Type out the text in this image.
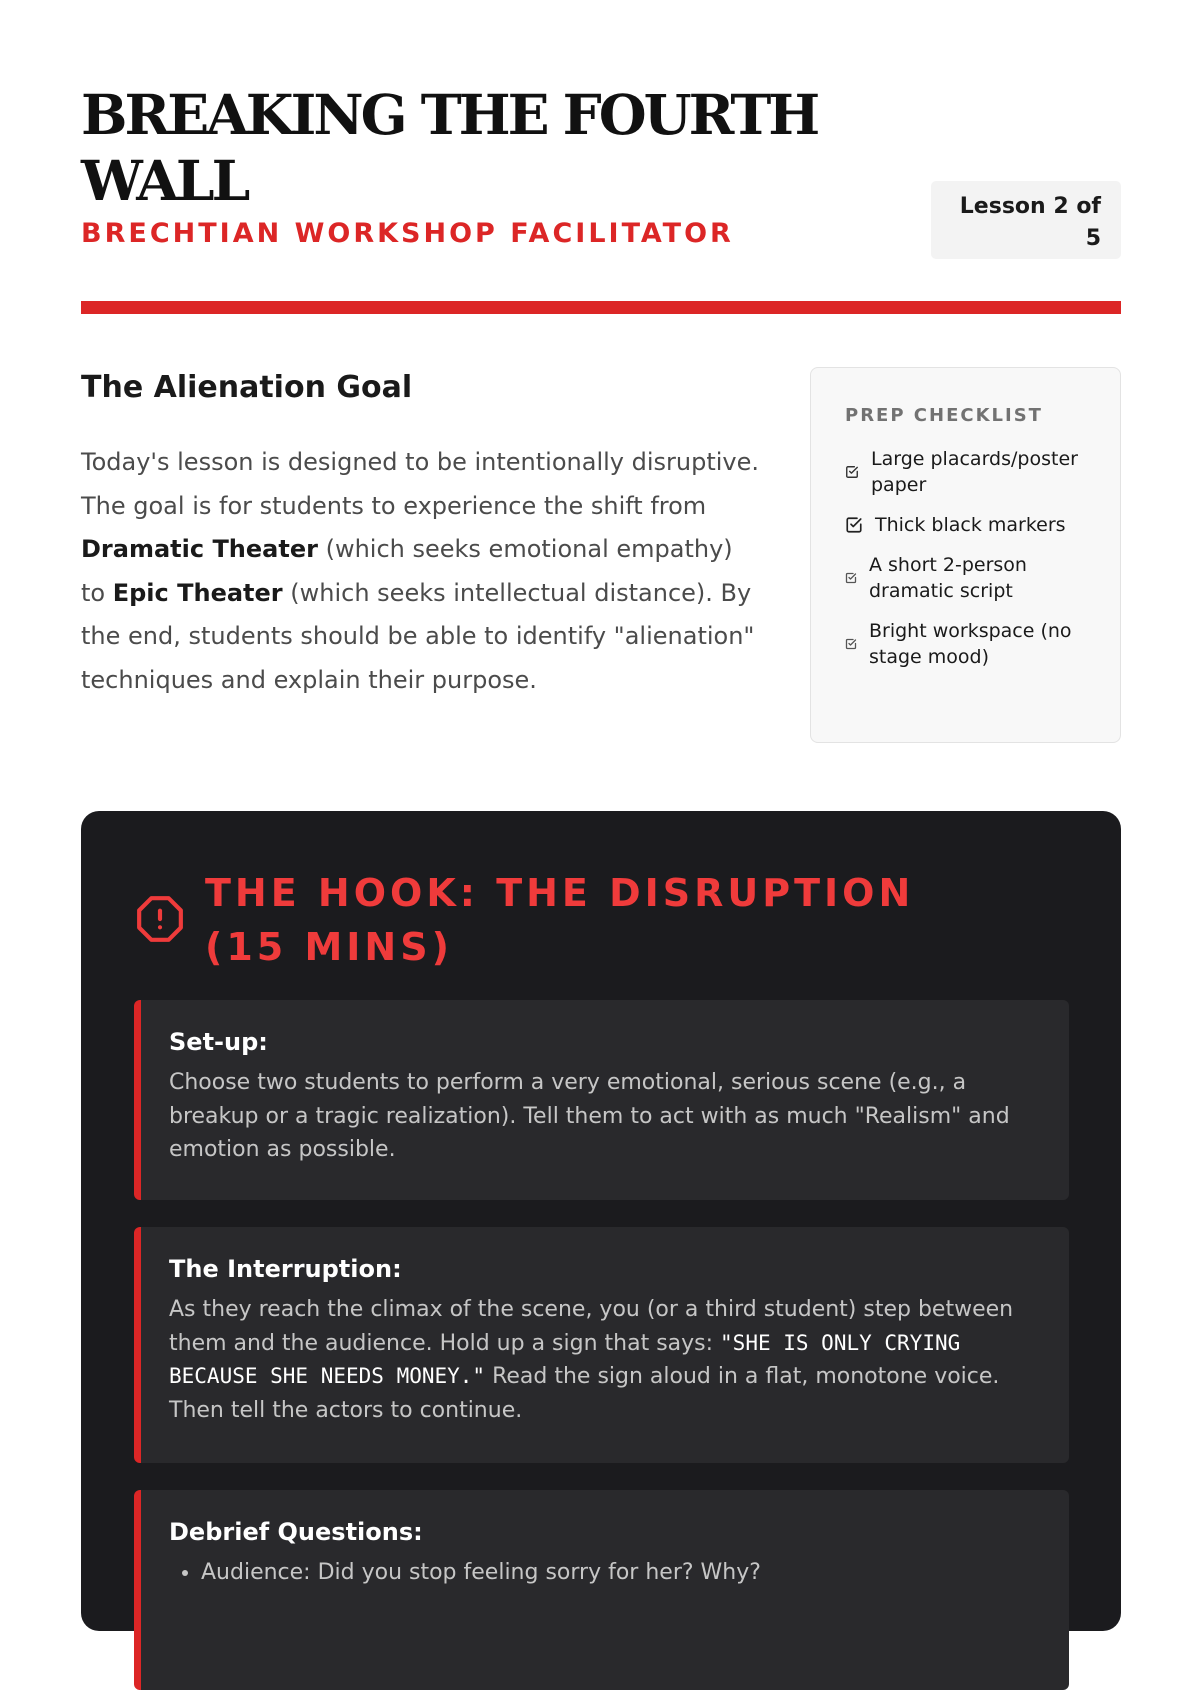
BREAKING THE FOURTH WALL
BRECHTIAN WORKSHOP FACILITATOR
Lesson 2 of 5
The Alienation Goal

Today's lesson is designed to be intentionally disruptive. The goal is for students to experience the shift from Dramatic Theater (which seeks emotional empathy) to Epic Theater (which seeks intellectual distance). By the end, students should be able to identify "alienation" techniques and explain their purpose.

PREP CHECKLIST

Large placards/poster paper
Thick black markers
A short 2-person dramatic script
Bright workspace (no stage mood)
THE HOOK: THE DISRUPTION (15 MINS)
Set-up:

Choose two students to perform a very emotional, serious scene (e.g., a breakup or a tragic realization). Tell them to act with as much "Realism" and emotion as possible.

The Interruption:

As they reach the climax of the scene, you (or a third student) step between them and the audience. Hold up a sign that says: "SHE IS ONLY CRYING BECAUSE SHE NEEDS MONEY." Read the sign aloud in a flat, monotone voice. Then tell the actors to continue.

Debrief Questions:
• Audience: Did you stop feeling sorry for her? Why?
